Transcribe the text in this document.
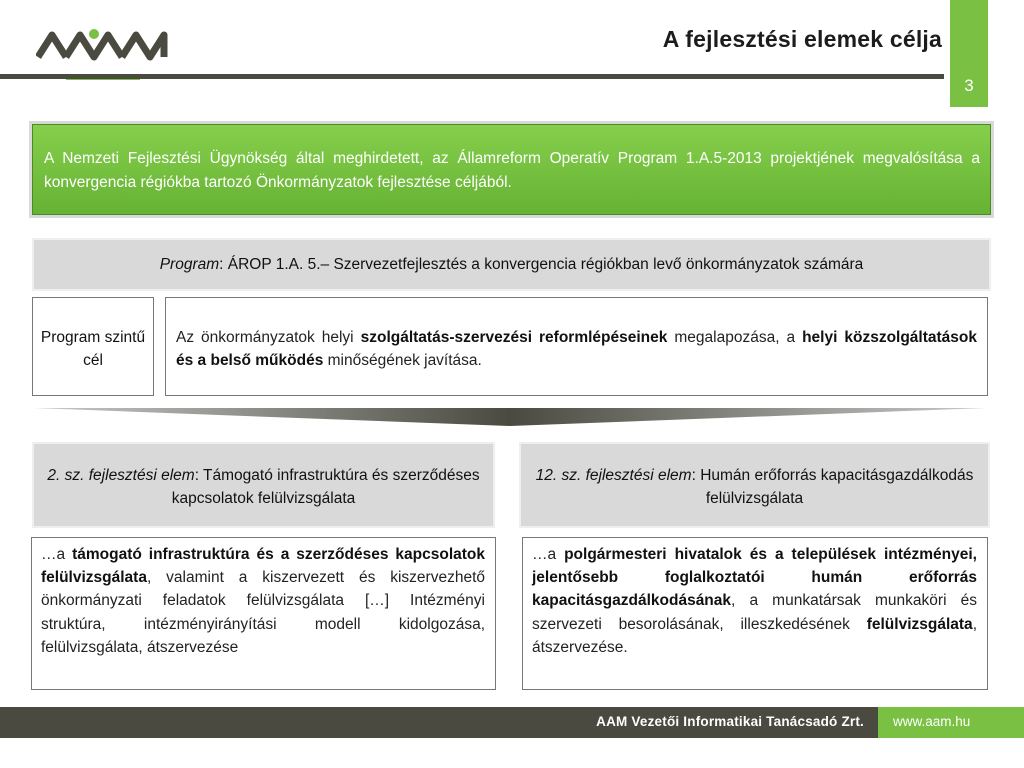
A fejlesztési elemek célja
3

A Nemzeti Fejlesztési Ügynökség által meghirdetett, az Államreform Operatív Program 1.A.5-2013 projektjének megvalósítása a konvergencia régiókba tartozó Önkormányzatok fejlesztése céljából.

Program: ÁROP 1.A. 5.– Szervezetfejlesztés a konvergencia régiókban levő önkormányzatok számára
Program szintű cél
Az önkormányzatok helyi szolgáltatás-szervezési reformlépéseinek megalapozása, a helyi közszolgáltatások és a belső működés minőségének javítása.
2. sz. fejlesztési elem: Támogató infrastruktúra és szerződéses kapcsolatok felülvizsgálata
12. sz. fejlesztési elem: Humán erőforrás kapacitásgazdálkodás felülvizsgálata
…a támogató infrastruktúra és a szerződéses kapcsolatok felülvizsgálata, valamint a kiszervezett és kiszervezhető önkormányzati feladatok felülvizsgálata […] Intézményi struktúra, intézményirányítási modell kidolgozása, felülvizsgálata, átszervezése
…a polgármesteri hivatalok és a települések intézményei, jelentősebb foglalkoztatói humán erőforrás kapacitásgazdálkodásának, a munkatársak munkaköri és szervezeti besorolásának, illeszkedésének felülvizsgálata, átszervezése.
AAM Vezetői Informatikai Tanácsadó Zrt. www.aam.hu
